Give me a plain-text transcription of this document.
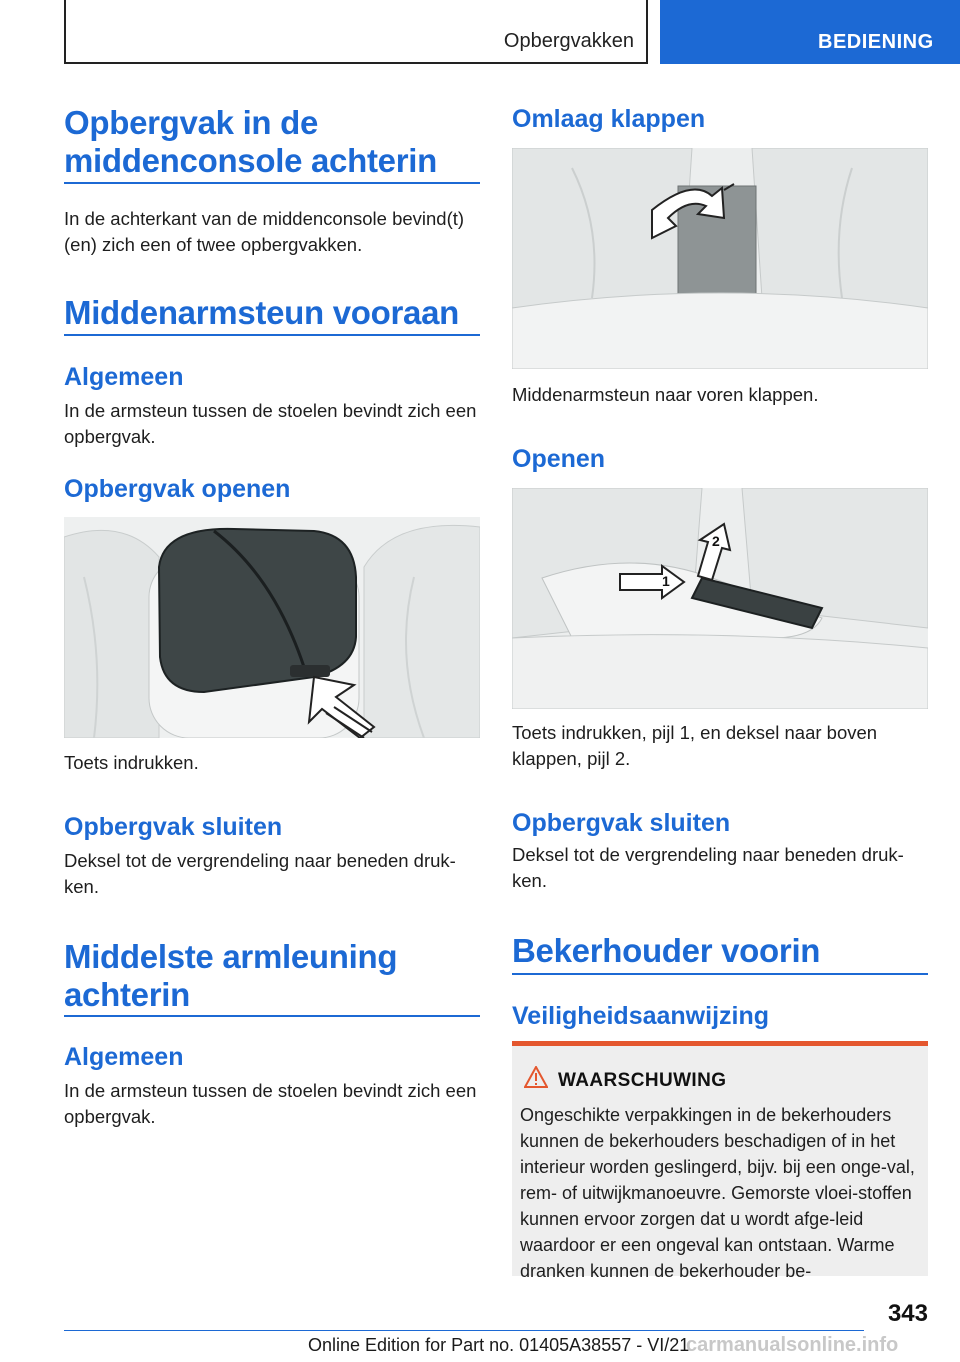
Opbergvakken	BEDIENING
Opbergvak in de middenconsole achterin
In de achterkant van de middenconsole bevind(t)(en) zich een of twee opbergvakken.
Middenarmsteun vooraan
Algemeen
In de armsteun tussen de stoelen bevindt zich een opbergvak.
Opbergvak openen
Toets indrukken.
Opbergvak sluiten
Deksel tot de vergrendeling naar beneden druk-ken.
Middelste armleuning achterin
Algemeen
In de armsteun tussen de stoelen bevindt zich een opbergvak.
Omlaag klappen
Middenarmsteun naar voren klappen.
Openen
1
2
Toets indrukken, pijl 1, en deksel naar boven klappen, pijl 2.
Opbergvak sluiten
Deksel tot de vergrendeling naar beneden druk-ken.
Bekerhouder voorin
Veiligheidsaanwijzing
WAARSCHUWING
Ongeschikte verpakkingen in de bekerhouders kunnen de bekerhouders beschadigen of in het interieur worden geslingerd, bijv. bij een onge-val, rem- of uitwijkmanoeuvre. Gemorste vloei-stoffen kunnen ervoor zorgen dat u wordt afge-leid waardoor er een ongeval kan ontstaan. Warme dranken kunnen de bekerhouder be-
343
Online Edition for Part no. 01405A38557 - VI/21
carmanualsonline.info
